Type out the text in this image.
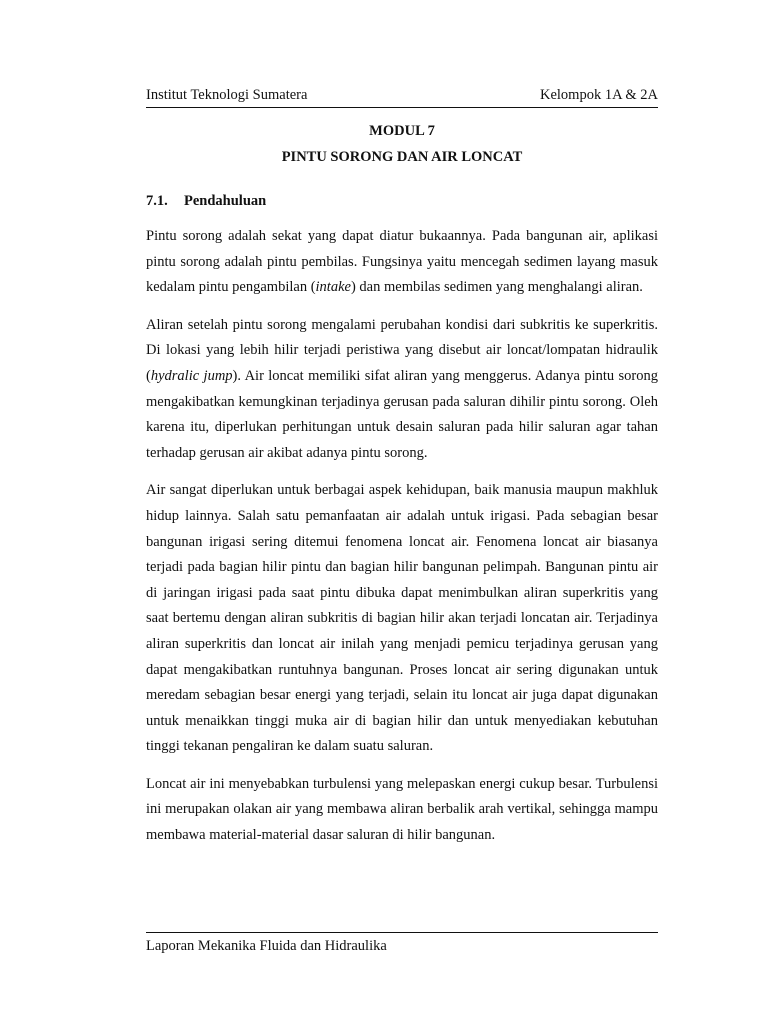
Institut Teknologi Sumatera	Kelompok 1A & 2A
MODUL 7
PINTU SORONG DAN AIR LONCAT
7.1. Pendahuluan

Pintu sorong adalah sekat yang dapat diatur bukaannya. Pada bangunan air, aplikasi pintu sorong adalah pintu pembilas. Fungsinya yaitu mencegah sedimen layang masuk kedalam pintu pengambilan (intake) dan membilas sedimen yang menghalangi aliran.

Aliran setelah pintu sorong mengalami perubahan kondisi dari subkritis ke superkritis. Di lokasi yang lebih hilir terjadi peristiwa yang disebut air loncat/lompatan hidraulik (hydralic jump). Air loncat memiliki sifat aliran yang menggerus. Adanya pintu sorong mengakibatkan kemungkinan terjadinya gerusan pada saluran dihilir pintu sorong. Oleh karena itu, diperlukan perhitungan untuk desain saluran pada hilir saluran agar tahan terhadap gerusan air akibat adanya pintu sorong.

Air sangat diperlukan untuk berbagai aspek kehidupan, baik manusia maupun makhluk hidup lainnya. Salah satu pemanfaatan air adalah untuk irigasi. Pada sebagian besar bangunan irigasi sering ditemui fenomena loncat air. Fenomena loncat air biasanya terjadi pada bagian hilir pintu dan bagian hilir bangunan pelimpah. Bangunan pintu air di jaringan irigasi pada saat pintu dibuka dapat menimbulkan aliran superkritis yang saat bertemu dengan aliran subkritis di bagian hilir akan terjadi loncatan air. Terjadinya aliran superkritis dan loncat air inilah yang menjadi pemicu terjadinya gerusan yang dapat mengakibatkan runtuhnya bangunan. Proses loncat air sering digunakan untuk meredam sebagian besar energi yang terjadi, selain itu loncat air juga dapat digunakan untuk menaikkan tinggi muka air di bagian hilir dan untuk menyediakan kebutuhan tinggi tekanan pengaliran ke dalam suatu saluran.

Loncat air ini menyebabkan turbulensi yang melepaskan energi cukup besar. Turbulensi ini merupakan olakan air yang membawa aliran berbalik arah vertikal, sehingga mampu membawa material-material dasar saluran di hilir bangunan.

Laporan Mekanika Fluida dan Hidraulika
